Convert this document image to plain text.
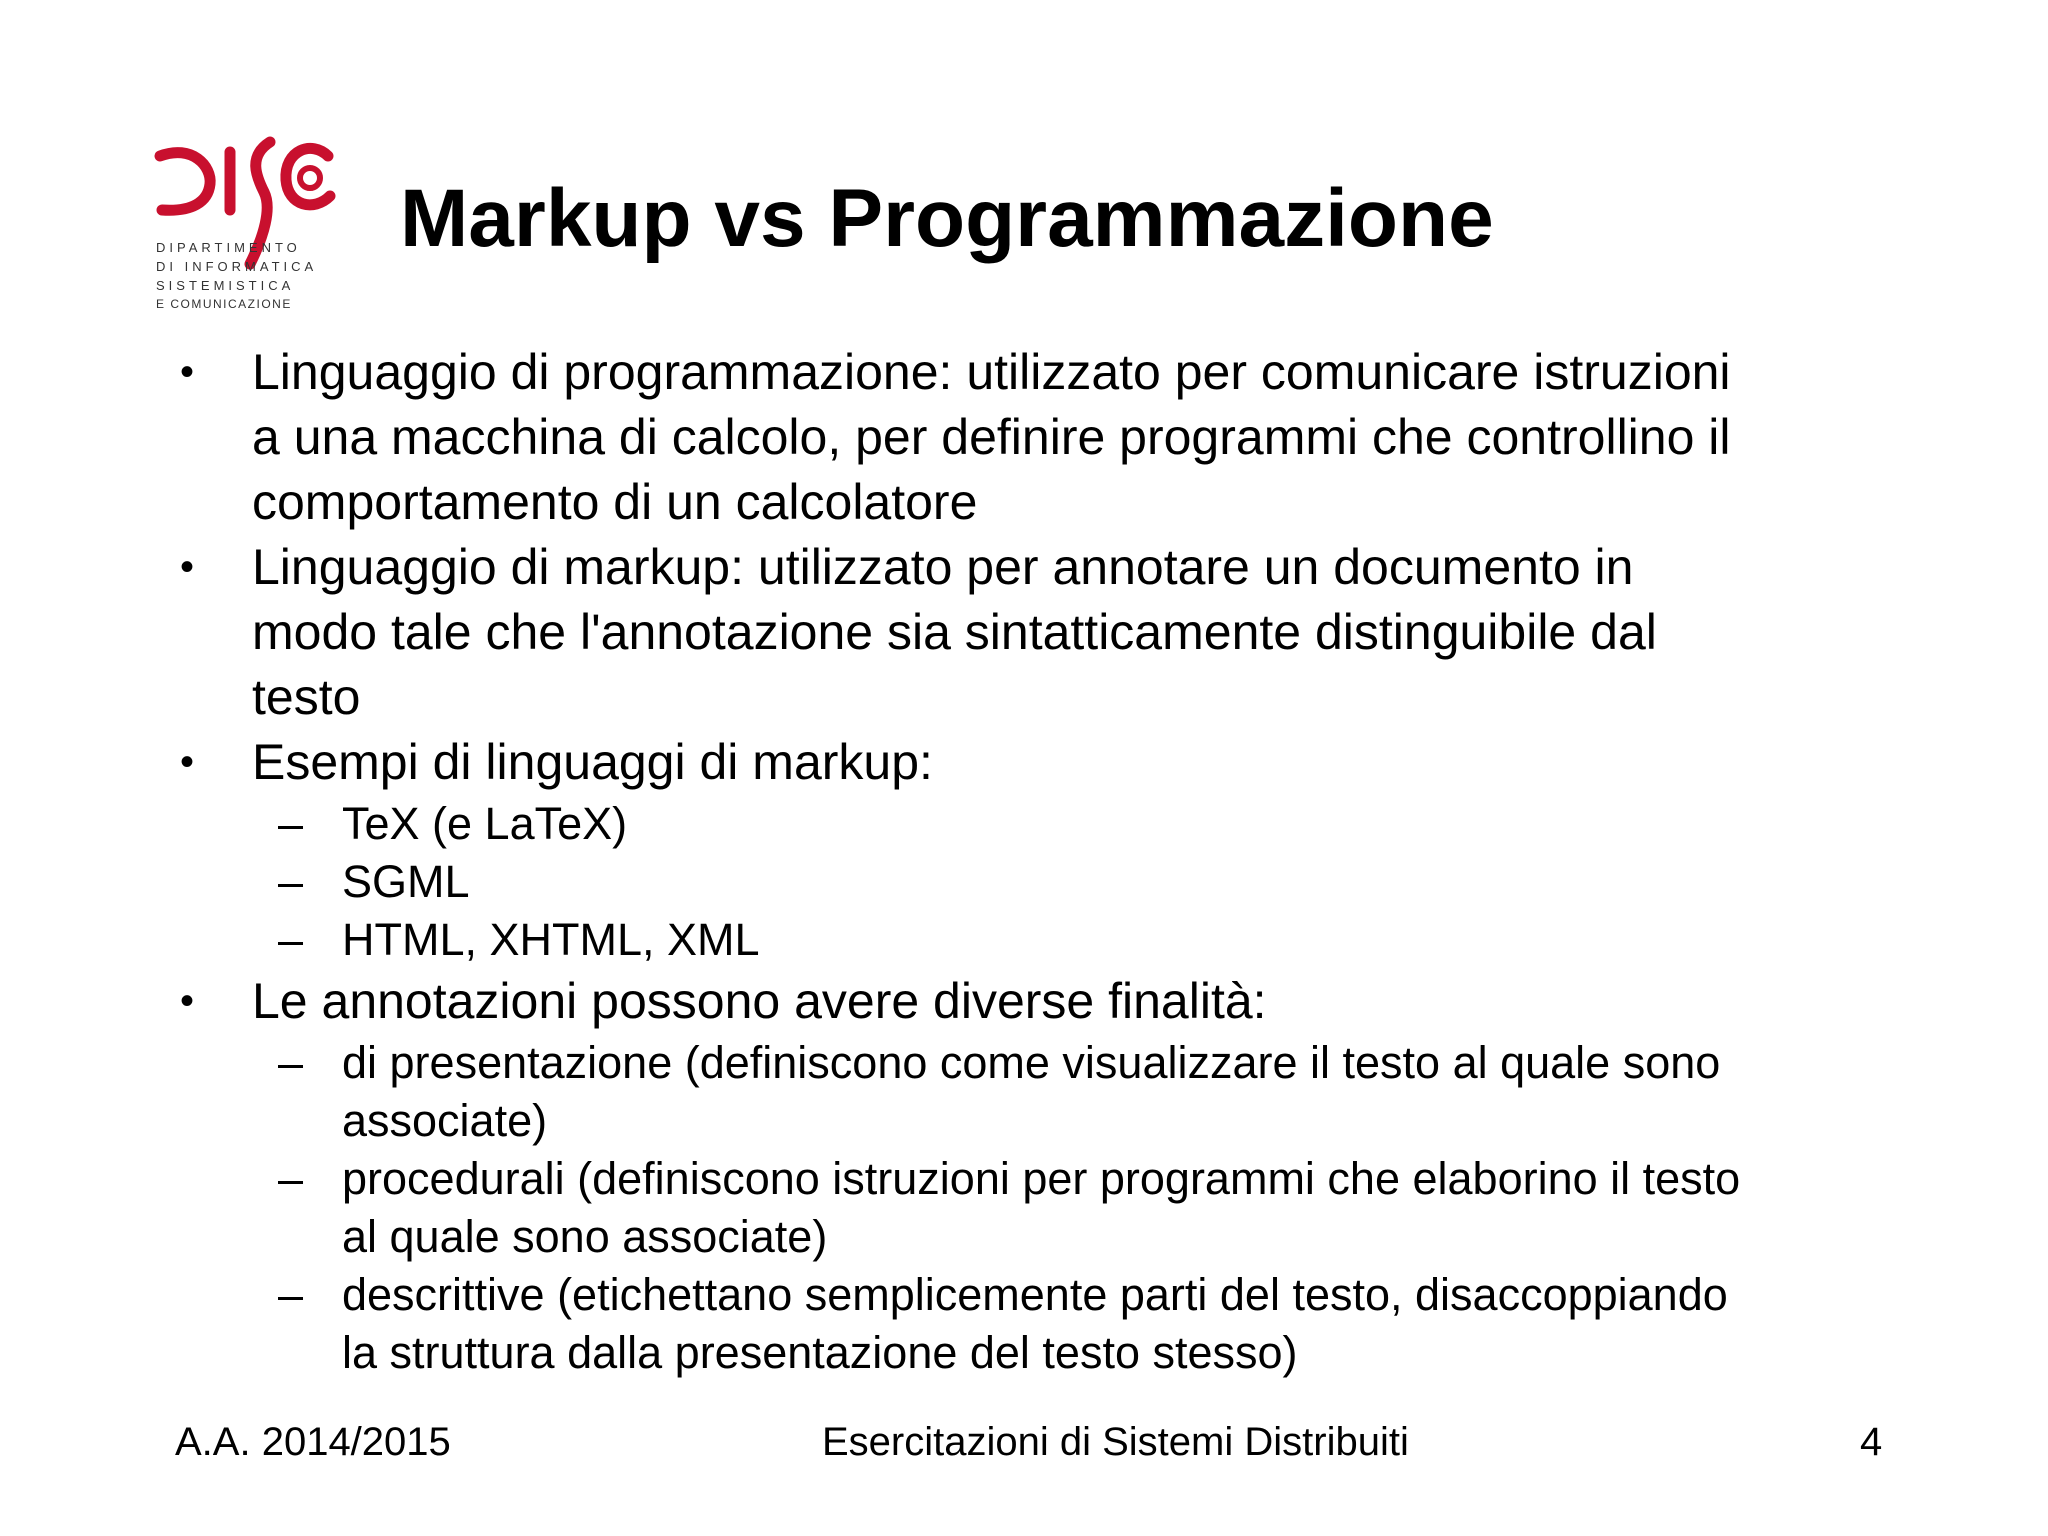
DIPARTIMENTO
DI INFORMATICA
SISTEMISTICA
E COMUNICAZIONE
Markup vs Programmazione
• Linguaggio di programmazione: utilizzato per comunicare istruzioni
a una macchina di calcolo, per definire programmi che controllino il
comportamento di un calcolatore
• Linguaggio di markup: utilizzato per annotare un documento in
modo tale che l'annotazione sia sintatticamente distinguibile dal
testo
• Esempi di linguaggi di markup:
– TeX (e LaTeX)
– SGML
– HTML, XHTML, XML
• Le annotazioni possono avere diverse finalità:
– di presentazione (definiscono come visualizzare il testo al quale sono
associate)
– procedurali (definiscono istruzioni per programmi che elaborino il testo
al quale sono associate)
– descrittive (etichettano semplicemente parti del testo, disaccoppiando
la struttura dalla presentazione del testo stesso)
A.A. 2014/2015	Esercitazioni di Sistemi Distribuiti	4
